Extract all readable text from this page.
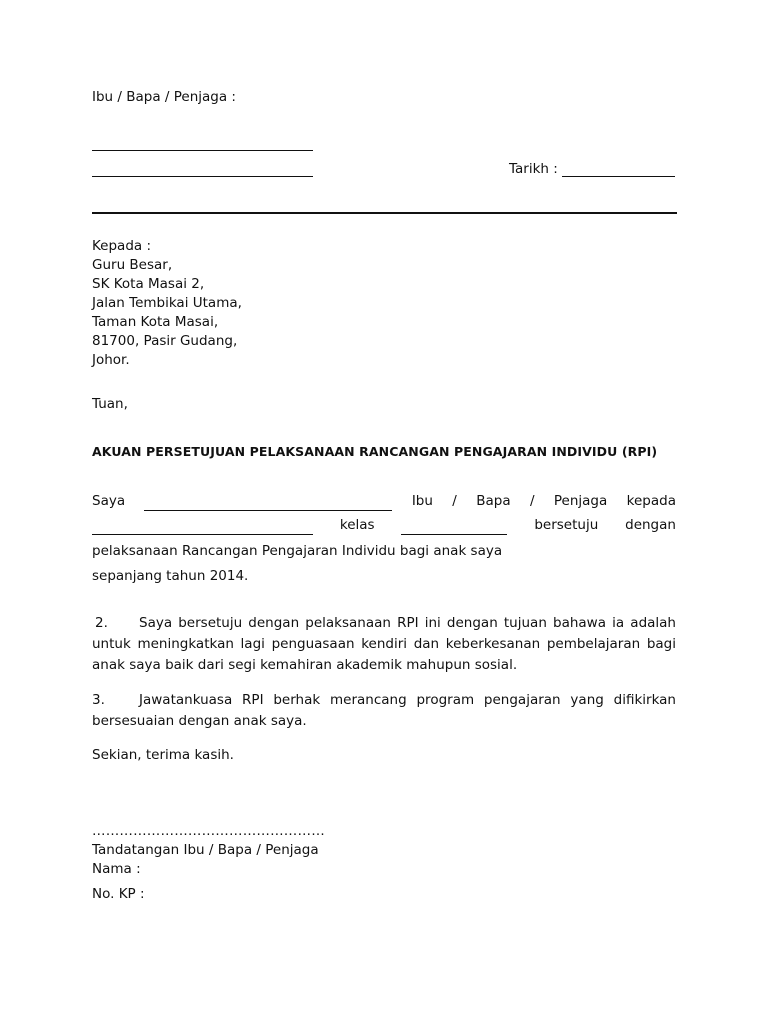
Ibu / Bapa / Penjaga :
Tarikh :
Kepada :
Guru Besar,
SK Kota Masai 2,
Jalan Tembikai Utama,
Taman Kota Masai,
81700, Pasir Gudang,
Johor.
Tuan,
AKUAN PERSETUJUAN PELAKSANAAN RANCANGAN PENGAJARAN INDIVIDU (RPI)
Saya	Ibu / Bapa / Penjaga kepada
kelas	bersetuju dengan
pelaksanaan Rancangan Pengajaran Individu bagi anak saya
sepanjang tahun 2014.
2. Saya bersetuju dengan pelaksanaan RPI ini dengan tujuan bahawa ia adalah untuk meningkatkan lagi penguasaan kendiri dan keberkesanan pembelajaran bagi anak saya baik dari segi kemahiran akademik mahupun sosial.
3.	Jawatankuasa RPI berhak merancang program pengajaran yang difikirkan bersesuaian dengan anak saya.
Sekian, terima kasih.
……………………………………………
Tandatangan Ibu / Bapa / Penjaga
Nama :
No. KP :
